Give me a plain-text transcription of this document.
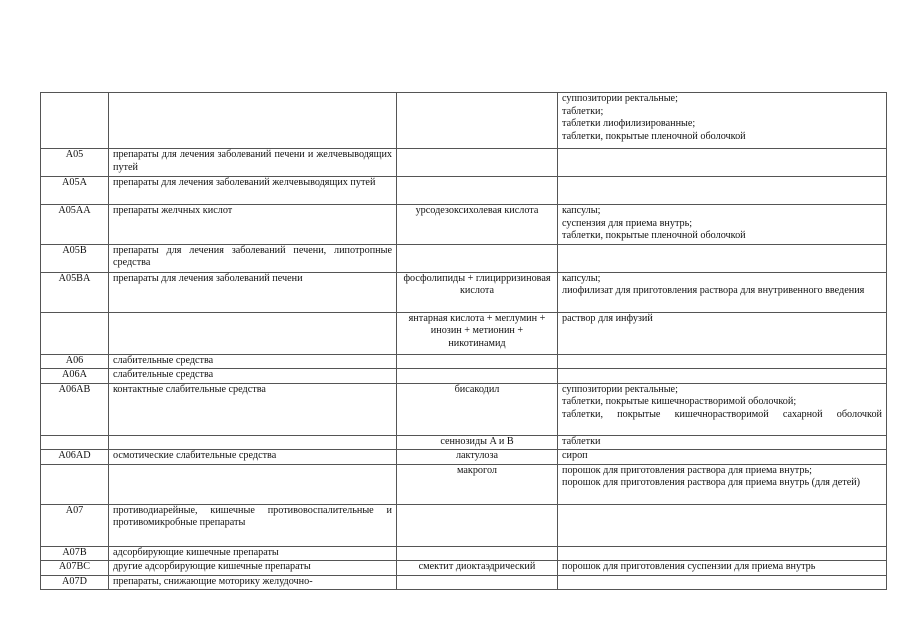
			суппозитории ректальные;
таблетки;
таблетки лиофилизированные;
таблетки, покрытые пленочной оболочкой

A05	препараты для лечения заболеваний печени и желчевыводящих путей		
A05A	препараты для лечения заболеваний желчевыводящих путей		
A05AA	препараты желчных кислот	урсодезоксихолевая кислота	капсулы;
суспензия для приема внутрь;
таблетки, покрытые пленочной оболочкой

A05B	препараты для лечения заболеваний печени, липотропные средства		
A05BA	препараты для лечения заболеваний печени	фосфолипиды + глицирризиновая кислота	капсулы;
лиофилизат для приготовления раствора для внутривенного введения

		янтарная кислота + меглумин + инозин + метионин + никотинамид	раствор для инфузий

A06	слабительные средства		
A06A	слабительные средства		
A06AB	контактные слабительные средства	бисакодил	суппозитории ректальные;
таблетки, покрытые кишечнорастворимой оболочкой;
таблетки, покрытые кишечнорастворимой сахарной оболочкой

		сеннозиды A и B	таблетки

A06AD	осмотические слабительные средства	лактулоза	сироп

		макрогол	порошок для приготовления раствора для приема внутрь;
порошок для приготовления раствора для приема внутрь (для детей)

A07	противодиарейные, кишечные противовоспалительные и противомикробные препараты		
A07B	адсорбирующие кишечные препараты		
A07BC	другие адсорбирующие кишечные препараты	смектит диоктаэдрический	порошок для приготовления суспензии для приема внутрь

A07D	препараты, снижающие моторику желудочно-		
